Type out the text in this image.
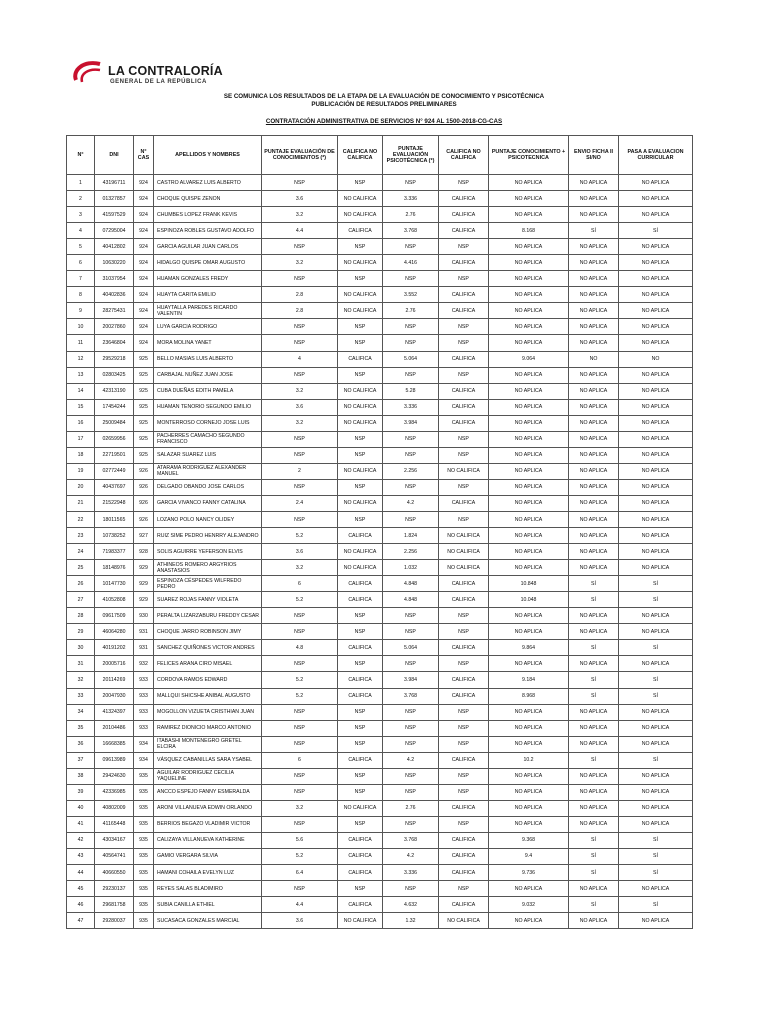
LA CONTRALORÍA
GENERAL DE LA REPÚBLICA
SE COMUNICA LOS RESULTADOS DE LA ETAPA DE LA EVALUACIÓN DE CONOCIMIENTO Y PSICOTÉCNICA
PUBLICACIÓN DE RESULTADOS PRELIMINARES
CONTRATACIÓN ADMINISTRATIVA DE SERVICIOS N° 924 AL 1500-2018-CG-CAS
N°	DNI	N° CAS	APELLIDOS Y NOMBRES	PUNTAJE EVALUACIÓN DE CONOCIMIENTOS (*)	CALIFICA NO CALIFICA	PUNTAJE EVALUACIÓN PSICOTÉCNICA (*)	CALIFICA NO CALIFICA	PUNTAJE CONOCIMIENTO + PSICOTECNICA	ENVIO FICHA II SI/NO	PASA A EVALUACION CURRICULAR
1	43196711	924	CASTRO ALVAREZ LUIS ALBERTO	NSP	NSP	NSP	NSP	NO APLICA	NO APLICA	NO APLICA
2	01327857	924	CHOQUE QUISPE ZENON	3.6	NO CALIFICA	3.336	CALIFICA	NO APLICA	NO APLICA	NO APLICA
3	41597529	924	CHUMBES LOPEZ FRANK KEVIS	3.2	NO CALIFICA	2.76	CALIFICA	NO APLICA	NO APLICA	NO APLICA
4	07295004	924	ESPINOZA ROBLES GUSTAVO ADOLFO	4.4	CALIFICA	3.768	CALIFICA	8.168	SÍ	SÍ
5	40412802	924	GARCIA AGUILAR JUAN CARLOS	NSP	NSP	NSP	NSP	NO APLICA	NO APLICA	NO APLICA
6	10630220	924	HIDALGO QUISPE OMAR AUGUSTO	3.2	NO CALIFICA	4.416	CALIFICA	NO APLICA	NO APLICA	NO APLICA
7	31037954	924	HUAMAN GONZALES FREDY	NSP	NSP	NSP	NSP	NO APLICA	NO APLICA	NO APLICA
8	40402836	924	HUAYTA CARITA EMILIO	2.8	NO CALIFICA	3.552	CALIFICA	NO APLICA	NO APLICA	NO APLICA
9	28275431	924	HUAYTALLA PAREDES RICARDO VALENTIN	2.8	NO CALIFICA	2.76	CALIFICA	NO APLICA	NO APLICA	NO APLICA
10	20027860	924	LUYA GARCIA RODRIGO	NSP	NSP	NSP	NSP	NO APLICA	NO APLICA	NO APLICA
11	23646804	924	MORA MOLINA YANET	NSP	NSP	NSP	NSP	NO APLICA	NO APLICA	NO APLICA
12	29529218	925	BELLO MASIAS LUIS ALBERTO	4	CALIFICA	5.064	CALIFICA	9.064	NO	NO
13	02803425	925	CARBAJAL NUÑEZ JUAN JOSE	NSP	NSP	NSP	NSP	NO APLICA	NO APLICA	NO APLICA
14	42313190	925	CUBA DUEÑAS EDITH PAMELA	3.2	NO CALIFICA	5.28	CALIFICA	NO APLICA	NO APLICA	NO APLICA
15	17454244	925	HUAMAN TENORIO SEGUNDO EMILIO	3.6	NO CALIFICA	3.336	CALIFICA	NO APLICA	NO APLICA	NO APLICA
16	25009484	925	MONTERROSO CORNEJO JOSE LUIS	3.2	NO CALIFICA	3.984	CALIFICA	NO APLICA	NO APLICA	NO APLICA
17	02659956	925	PACHERRES CAMACHO SEGUNDO FRANCISCO	NSP	NSP	NSP	NSP	NO APLICA	NO APLICA	NO APLICA
18	22719501	925	SALAZAR SUAREZ LUIS	NSP	NSP	NSP	NSP	NO APLICA	NO APLICA	NO APLICA
19	02772449	926	ATARAMA RODRIGUEZ ALEXANDER MANUEL	2	NO CALIFICA	2.256	NO CALIFICA	NO APLICA	NO APLICA	NO APLICA
20	40437697	926	DELGADO OBANDO JOSE CARLOS	NSP	NSP	NSP	NSP	NO APLICA	NO APLICA	NO APLICA
21	21522948	926	GARCIA VIVANCO FANNY CATALINA	2.4	NO CALIFICA	4.2	CALIFICA	NO APLICA	NO APLICA	NO APLICA
22	18011565	926	LOZANO POLO NANCY OLIDEY	NSP	NSP	NSP	NSP	NO APLICA	NO APLICA	NO APLICA
23	10738252	927	RUIZ SIME PEDRO HENRRY ALEJANDRO	5.2	CALIFICA	1.824	NO CALIFICA	NO APLICA	NO APLICA	NO APLICA
24	71983377	928	SOLIS AGUIRRE YEFERSON ELVIS	3.6	NO CALIFICA	2.256	NO CALIFICA	NO APLICA	NO APLICA	NO APLICA
25	18148976	929	ATHINEOS ROMERO ARGYRIOS ANASTASIOS	3.2	NO CALIFICA	1.032	NO CALIFICA	NO APLICA	NO APLICA	NO APLICA
26	10147730	929	ESPINOZA CÉSPEDES WILFREDO PEDRO	6	CALIFICA	4.848	CALIFICA	10.848	SÍ	SÍ
27	41052808	929	SUAREZ ROJAS FANNY VIOLETA	5.2	CALIFICA	4.848	CALIFICA	10.048	SÍ	SÍ
28	09617509	930	PERALTA LIZARZABURU FREDDY CESAR	NSP	NSP	NSP	NSP	NO APLICA	NO APLICA	NO APLICA
29	46064280	931	CHOQUE JARRO ROBINSON JIMY	NSP	NSP	NSP	NSP	NO APLICA	NO APLICA	NO APLICA
30	40191202	931	SANCHEZ QUIÑONES VICTOR ANDRES	4.8	CALIFICA	5.064	CALIFICA	9.864	SÍ	SÍ
31	20005716	932	FELICES ARANA CIRO MISAEL	NSP	NSP	NSP	NSP	NO APLICA	NO APLICA	NO APLICA
32	20114269	933	CORDOVA RAMOS EDWARD	5.2	CALIFICA	3.984	CALIFICA	9.184	SÍ	SÍ
33	20047930	933	MALLQUI SHICSHE ANIBAL AUGUSTO	5.2	CALIFICA	3.768	CALIFICA	8.968	SÍ	SÍ
34	41324397	933	MOGOLLON VIZUETA CRISTHIAN JUAN	NSP	NSP	NSP	NSP	NO APLICA	NO APLICA	NO APLICA
35	20104486	933	RAMIREZ DIONICIO MARCO ANTONIO	NSP	NSP	NSP	NSP	NO APLICA	NO APLICA	NO APLICA
36	16668385	934	ITABASHI MONTENEGRO GRETEL ELCIRA	NSP	NSP	NSP	NSP	NO APLICA	NO APLICA	NO APLICA
37	09613989	934	VÁSQUEZ CABANILLAS SARA YSABEL	6	CALIFICA	4.2	CALIFICA	10.2	SÍ	SÍ
38	29424630	935	AGUILAR RODRIGUEZ CECILIA YAQUELINE	NSP	NSP	NSP	NSP	NO APLICA	NO APLICA	NO APLICA
39	42336985	935	ANCCO ESPEJO FANNY ESMERALDA	NSP	NSP	NSP	NSP	NO APLICA	NO APLICA	NO APLICA
40	40802009	935	ARONI VILLANUEVA EDWIN ORLANDO	3.2	NO CALIFICA	2.76	CALIFICA	NO APLICA	NO APLICA	NO APLICA
41	41165448	935	BERRIOS BEGAZO VLADIMIR VICTOR	NSP	NSP	NSP	NSP	NO APLICA	NO APLICA	NO APLICA
42	43034167	935	CALIZAYA VILLANUEVA KATHERINE	5.6	CALIFICA	3.768	CALIFICA	9.368	SÍ	SÍ
43	40564741	935	GAMIO VERGARA SILVIA	5.2	CALIFICA	4.2	CALIFICA	9.4	SÍ	SÍ
44	40660550	935	HAMANI COHAILA EVELYN LUZ	6.4	CALIFICA	3.336	CALIFICA	9.736	SÍ	SÍ
45	29230137	935	REYES SALAS BLADIMIRO	NSP	NSP	NSP	NSP	NO APLICA	NO APLICA	NO APLICA
46	29681758	935	SUBIA CANILLA ETHIEL	4.4	CALIFICA	4.632	CALIFICA	9.032	SÍ	SÍ
47	29280037	935	SUCASACA GONZALES MARCIAL	3.6	NO CALIFICA	1.32	NO CALIFICA	NO APLICA	NO APLICA	NO APLICA
